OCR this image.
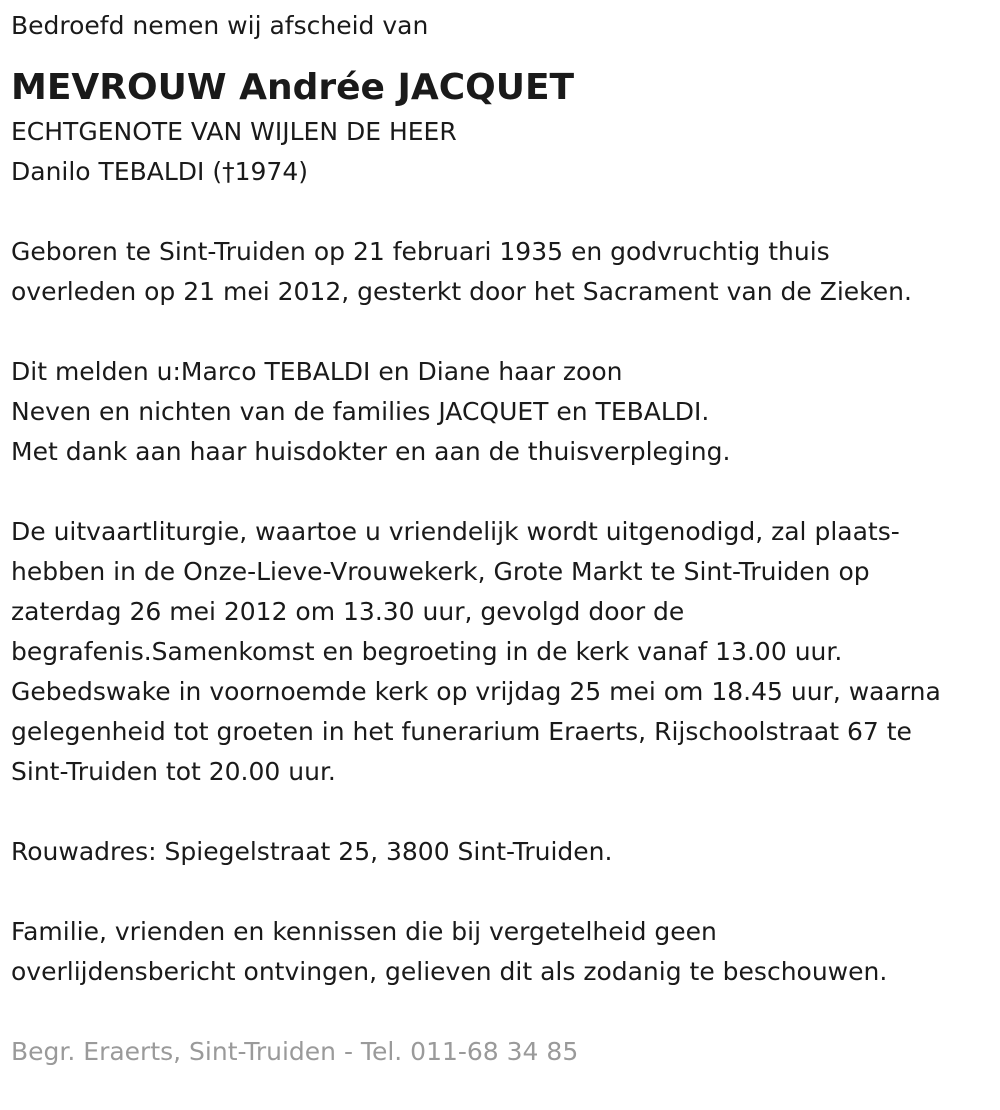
Bedroefd nemen wij afscheid van
MEVROUW Andrée JACQUET
ECHTGENOTE VAN WIJLEN DE HEER
Danilo TEBALDI (†1974)
Geboren te Sint-Truiden op 21 februari 1935 en godvruchtig thuis
overleden op 21 mei 2012, gesterkt door het Sacrament van de Zieken.
Dit melden u:Marco TEBALDI en Diane haar zoon
Neven en nichten van de families JACQUET en TEBALDI.
Met dank aan haar huisdokter en aan de thuisverpleging.
De uitvaartliturgie, waartoe u vriendelijk wordt uitgenodigd, zal plaats-
hebben in de Onze-Lieve-Vrouwekerk, Grote Markt te Sint-Truiden op
zaterdag 26 mei 2012 om 13.30 uur, gevolgd door de
begrafenis.Samenkomst en begroeting in de kerk vanaf 13.00 uur.
Gebedswake in voornoemde kerk op vrijdag 25 mei om 18.45 uur, waarna
gelegenheid tot groeten in het funerarium Eraerts, Rijschoolstraat 67 te
Sint-Truiden tot 20.00 uur.
Rouwadres: Spiegelstraat 25, 3800 Sint-Truiden.
Familie, vrienden en kennissen die bij vergetelheid geen
overlijdensbericht ontvingen, gelieven dit als zodanig te beschouwen.
Begr. Eraerts, Sint-Truiden - Tel. 011-68 34 85
